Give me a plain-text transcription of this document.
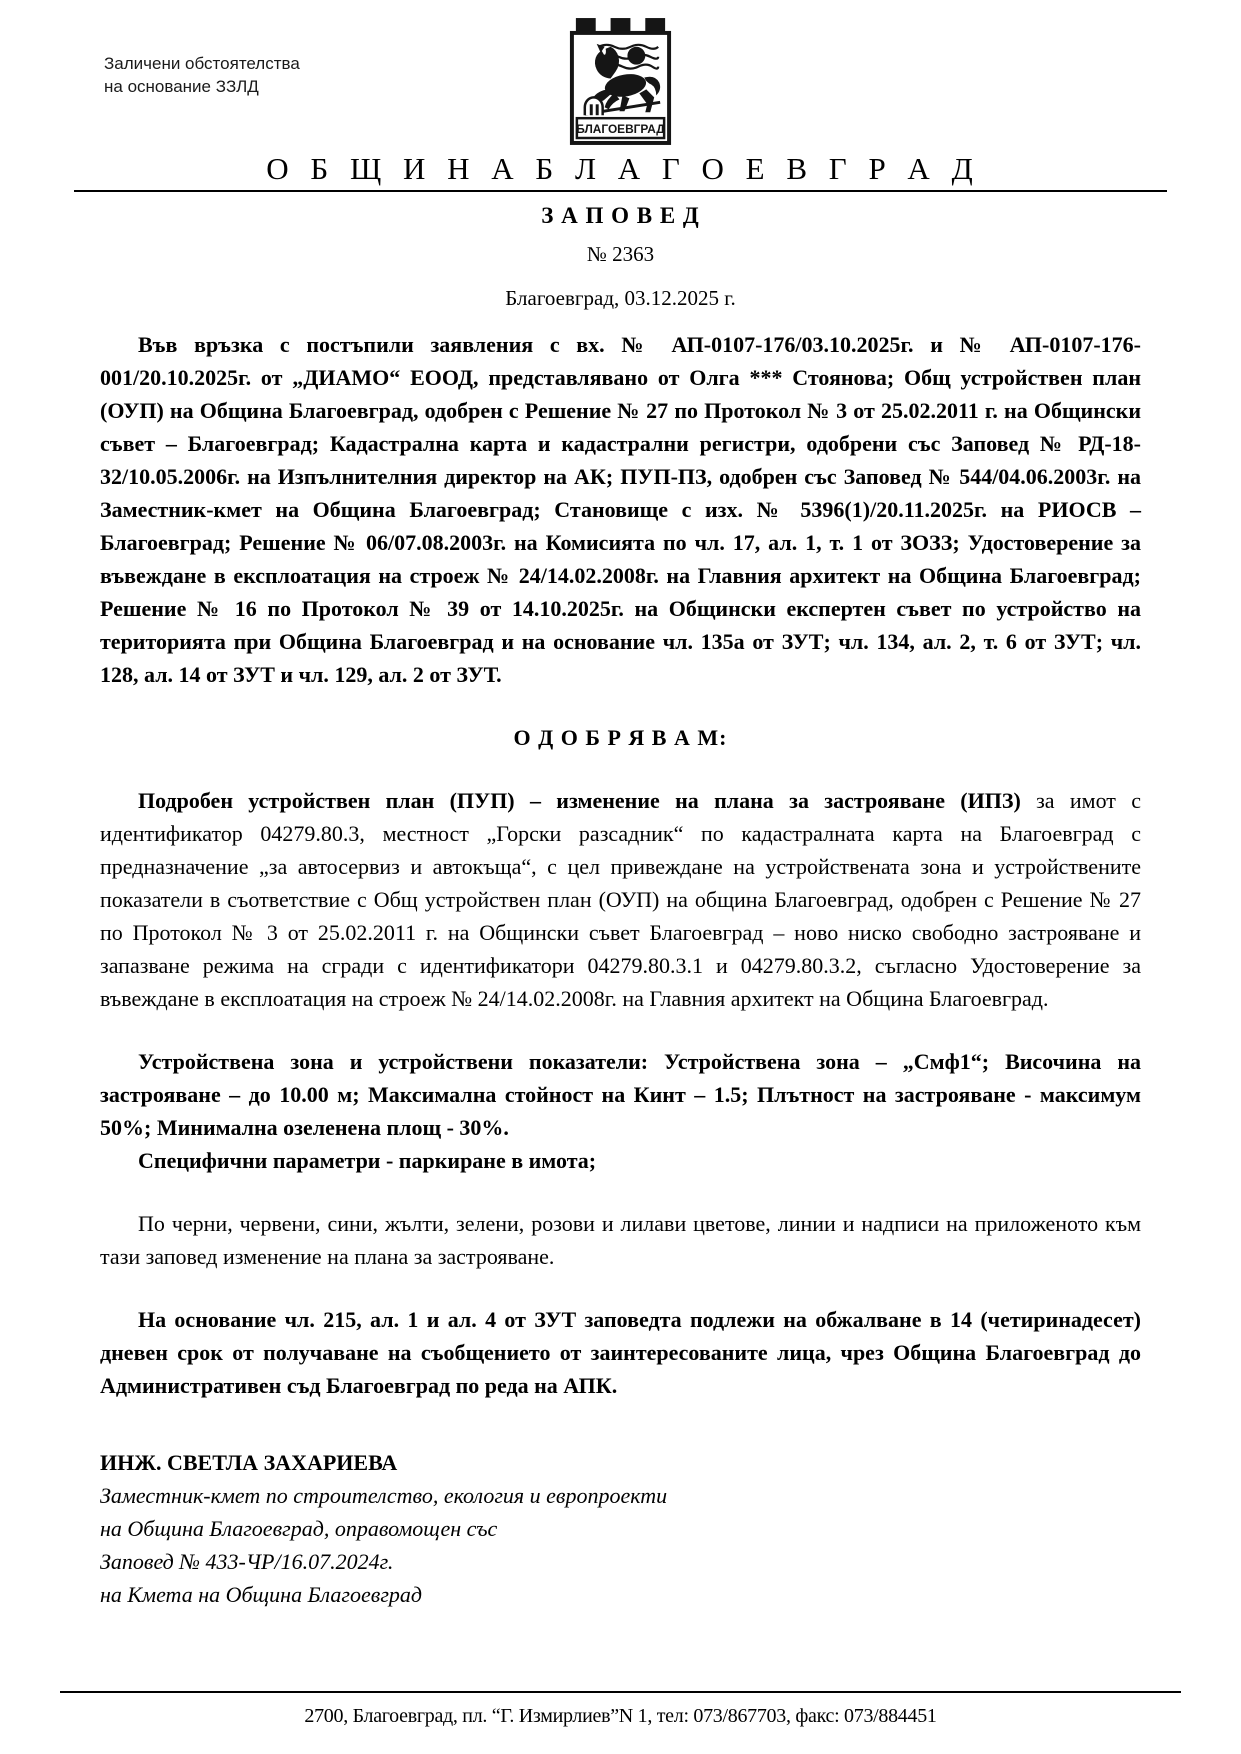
Заличени обстоятелства
на основание ЗЗЛД
БЛАГОЕВГРАД
О Б Щ И Н А Б Л А Г О Е В Г Р А Д
З А П О В Е Д
№ 2363
Благоевград, 03.12.2025 г.

Във връзка с постъпили заявления с вх. № АП-0107-176/03.10.2025г. и № АП-0107-176-001/20.10.2025г. от „ДИАМО“ ЕООД, представлявано от Олга *** Стоянова; Общ устройствен план (ОУП) на Община Благоевград, одобрен с Решение № 27 по Протокол № 3 от 25.02.2011 г. на Общински съвет – Благоевград; Кадастрална карта и кадастрални регистри, одобрени със Заповед № РД-18-32/10.05.2006г. на Изпълнителния директор на АК; ПУП-ПЗ, одобрен със Заповед № 544/04.06.2003г. на Заместник-кмет на Община Благоевград; Становище с изх. № 5396(1)/20.11.2025г. на РИОСВ – Благоевград; Решение № 06/07.08.2003г. на Комисията по чл. 17, ал. 1, т. 1 от ЗОЗЗ; Удостоверение за въвеждане в експлоатация на строеж № 24/14.02.2008г. на Главния архитект на Община Благоевград; Решение № 16 по Протокол № 39 от 14.10.2025г. на Общински експертен съвет по устройство на територията при Община Благоевград и на основание чл. 135а от ЗУТ; чл. 134, ал. 2, т. 6 от ЗУТ; чл. 128, ал. 14 от ЗУТ и чл. 129, ал. 2 от ЗУТ.

О Д О Б Р Я В А М:

Подробен устройствен план (ПУП) – изменение на плана за застрояване (ИПЗ) за имот с идентификатор 04279.80.3, местност „Горски разсадник“ по кадастралната карта на Благоевград с предназначение „за автосервиз и автокъща“, с цел привеждане на устройствената зона и устройствените показатели в съответствие с Общ устройствен план (ОУП) на община Благоевград, одобрен с Решение № 27 по Протокол № 3 от 25.02.2011 г. на Общински съвет Благоевград – ново ниско свободно застрояване и запазване режима на сгради с идентификатори 04279.80.3.1 и 04279.80.3.2, съгласно Удостоверение за въвеждане в експлоатация на строеж № 24/14.02.2008г. на Главния архитект на Община Благоевград.

Устройствена зона и устройствени показатели: Устройствена зона – „Смф1“; Височина на застрояване – до 10.00 м; Максимална стойност на Кинт – 1.5; Плътност на застрояване - максимум 50%; Минимална озеленена площ - 30%.

Специфични параметри - паркиране в имота;

По черни, червени, сини, жълти, зелени, розови и лилави цветове, линии и надписи на приложеното към тази заповед изменение на плана за застрояване.

На основание чл. 215, ал. 1 и ал. 4 от ЗУТ заповедта подлежи на обжалване в 14 (четиринадесет) дневен срок от получаване на съобщението от заинтересованите лица, чрез Община Благоевград до Административен съд Благоевград по реда на АПК.

ИНЖ. СВЕТЛА ЗАХАРИЕВА
Заместник-кмет по строителство, екология и европроекти
на Община Благоевград, оправомощен със
Заповед № 433-ЧР/16.07.2024г.
на Кмета на Община Благоевград
2700, Благоевград, пл. “Г. Измирлиев”N 1, тел: 073/867703, факс: 073/884451
